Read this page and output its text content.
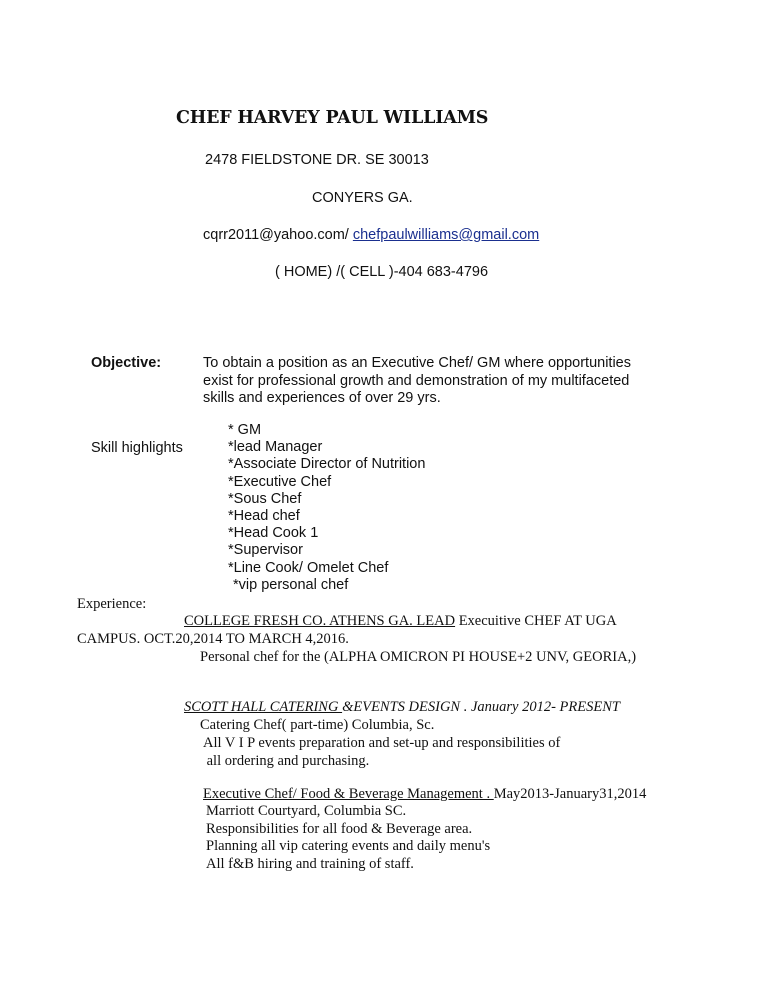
CHEF HARVEY PAUL WILLIAMS
2478 FIELDSTONE DR. SE 30013
CONYERS GA.
cqrr2011@yahoo.com/ chefpaulwilliams@gmail.com
( HOME) /( CELL )-404 683-4796
Objective:	To obtain a position as an Executive Chef/ GM where opportunities
exist for professional growth and demonstration of my multifaceted
skills and experiences of over 29 yrs.
Skill highlights
* GM
*lead Manager
*Associate Director of Nutrition
*Executive Chef
*Sous Chef
*Head chef
*Head Cook 1
*Supervisor
*Line Cook/ Omelet Chef
*vip personal chef
Experience:
COLLEGE FRESH CO. ATHENS GA. LEAD Execuitive CHEF AT UGA
CAMPUS. OCT.20,2014 TO MARCH 4,2016.
Personal chef for the (ALPHA OMICRON PI HOUSE+2 UNV, GEORIA,)
SCOTT HALL CATERING &EVENTS DESIGN . January 2012- PRESENT
Catering Chef( part-time) Columbia, Sc.
All V I P events preparation and set-up and responsibilities of
all ordering and purchasing.
Executive Chef/ Food & Beverage Management . May2013-January31,2014
Marriott Courtyard, Columbia SC.
Responsibilities for all food & Beverage area.
Planning all vip catering events and daily menu's
All f&B hiring and training of staff.
